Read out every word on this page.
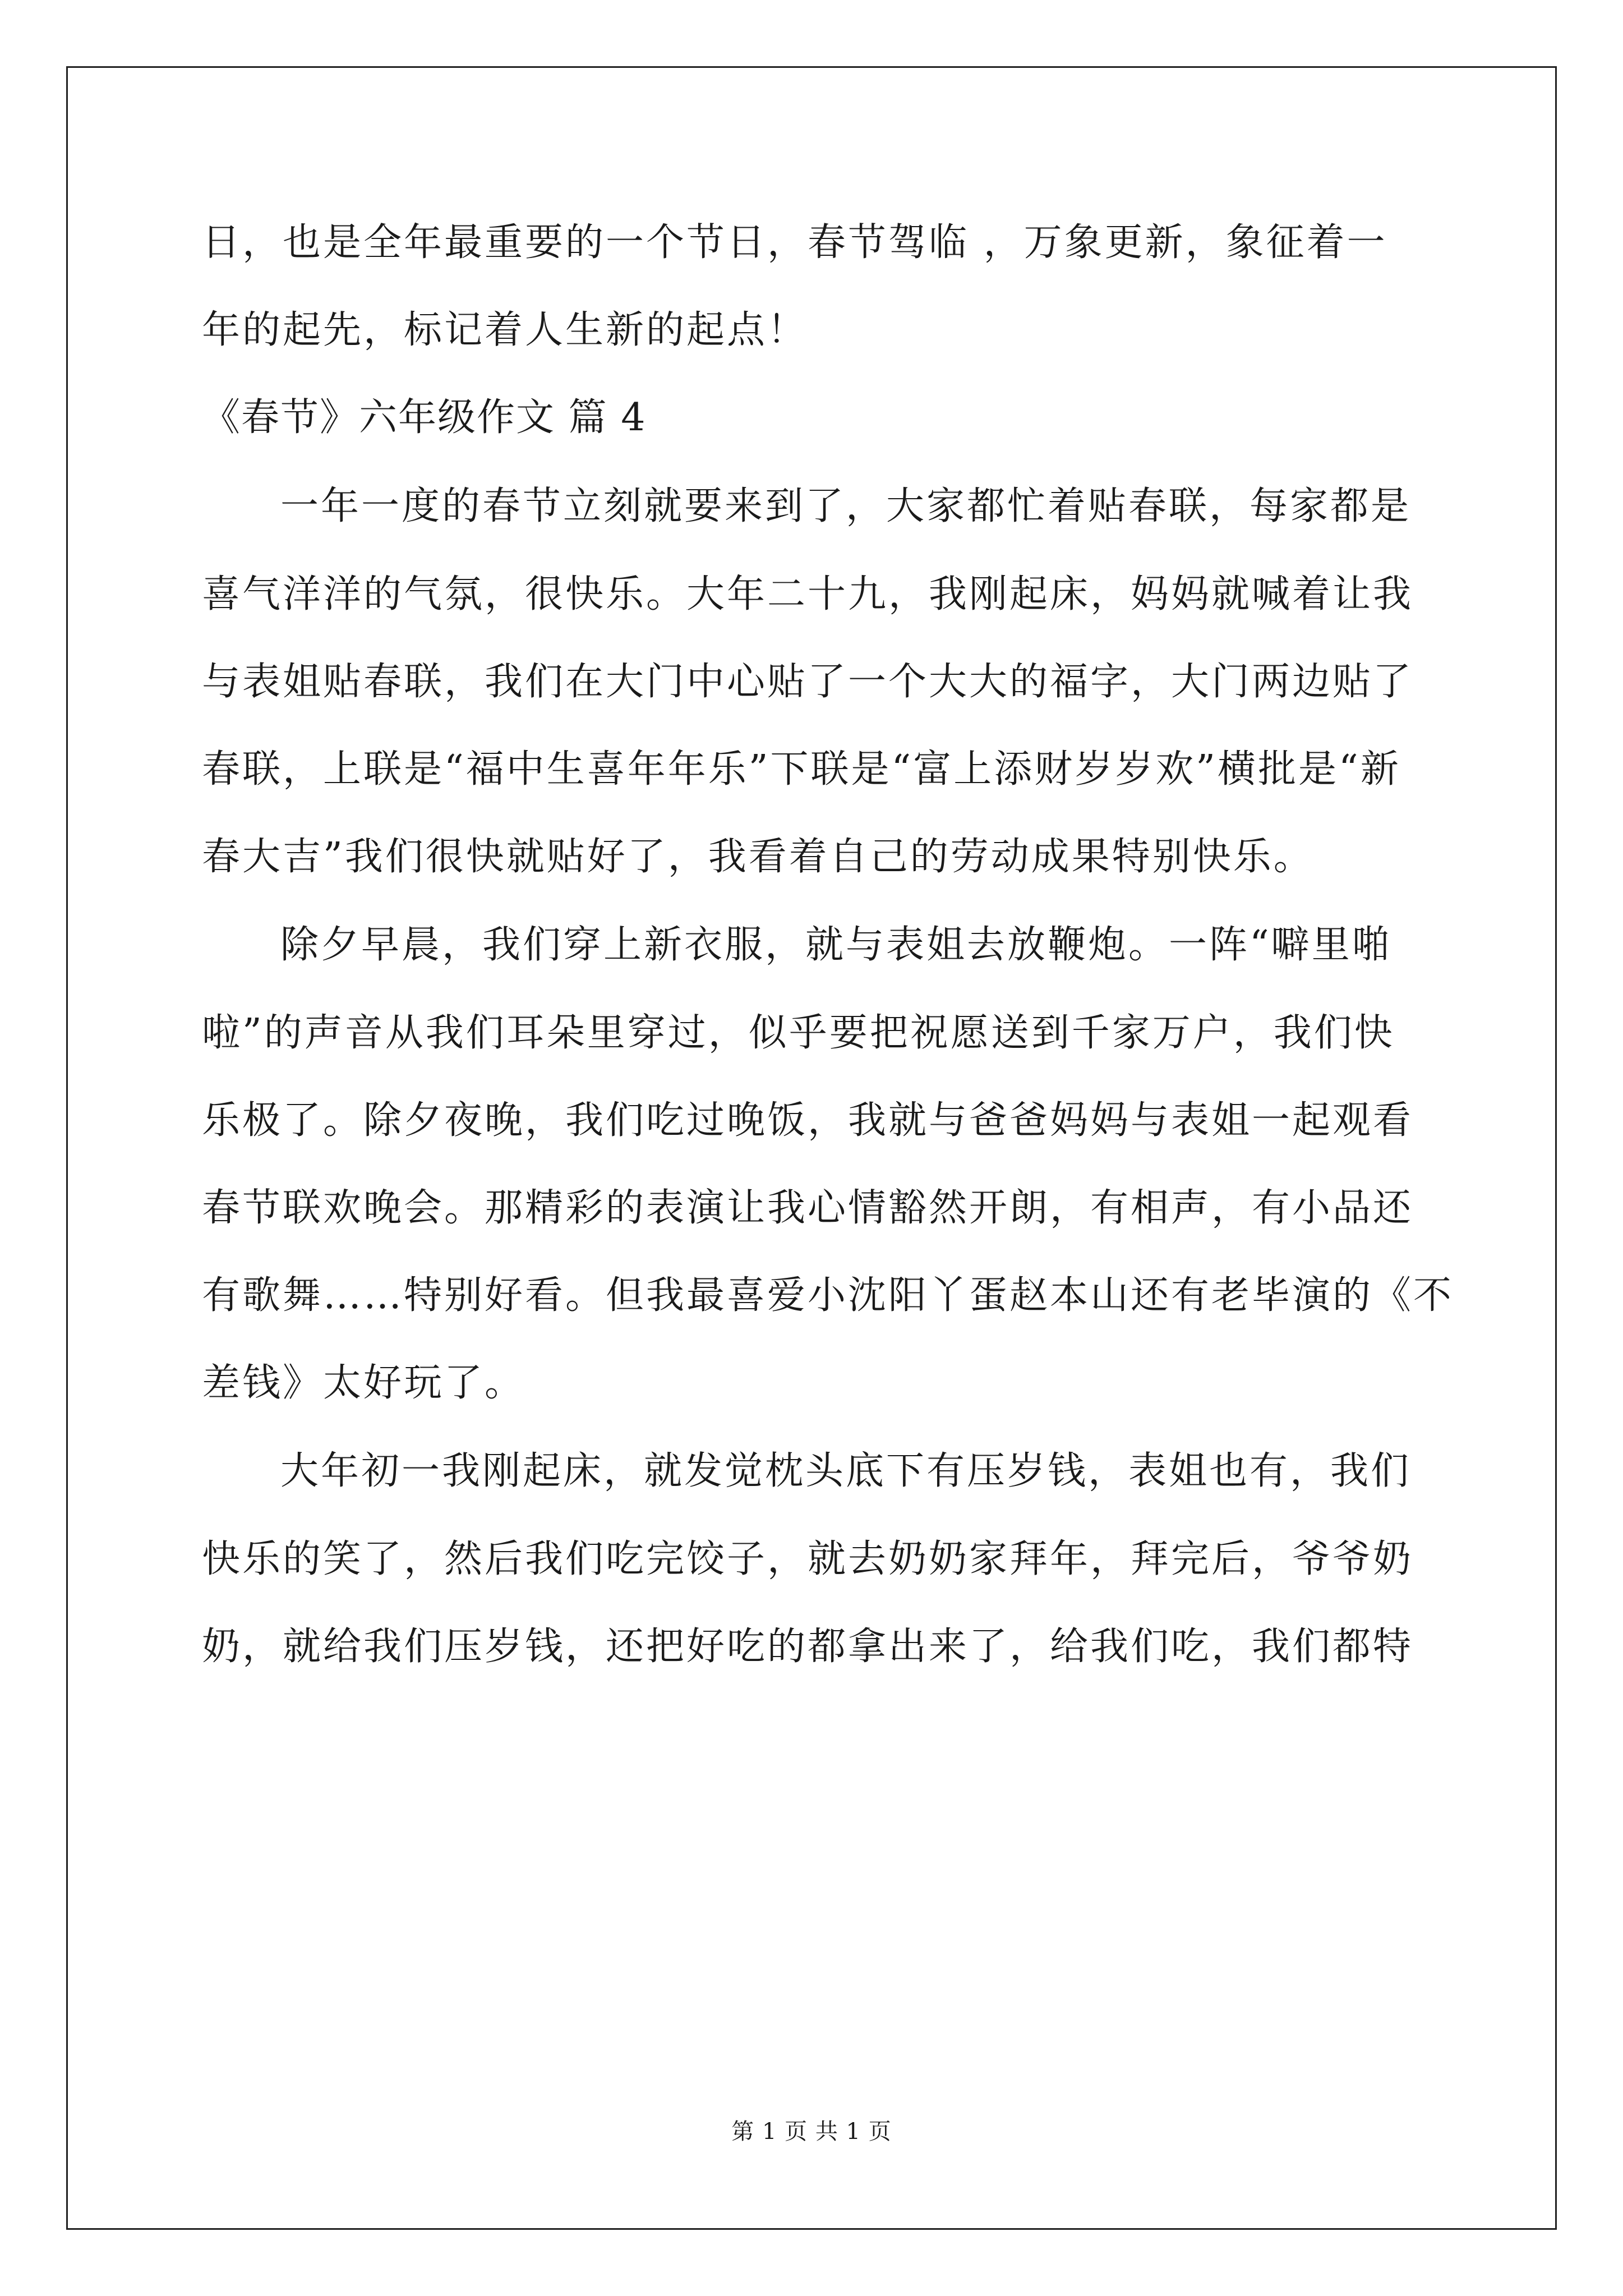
日，也是全年最重要的一个节日，春节驾临 ，万象更新，象征着一
年的起先，标记着人生新的起点！
《春节》六年级作文 篇 4
一年一度的春节立刻就要来到了，大家都忙着贴春联，每家都是
喜气洋洋的气氛，很快乐。大年二十九，我刚起床，妈妈就喊着让我
与表姐贴春联，我们在大门中心贴了一个大大的福字，大门两边贴了
春联，上联是“福中生喜年年乐”下联是“富上添财岁岁欢”横批是“新
春大吉”我们很快就贴好了，我看着自己的劳动成果特别快乐。
除夕早晨，我们穿上新衣服，就与表姐去放鞭炮。一阵“噼里啪
啦”的声音从我们耳朵里穿过，似乎要把祝愿送到千家万户，我们快
乐极了。除夕夜晚，我们吃过晚饭，我就与爸爸妈妈与表姐一起观看
春节联欢晚会。那精彩的表演让我心情豁然开朗，有相声，有小品还
有歌舞……特别好看。但我最喜爱小沈阳丫蛋赵本山还有老毕演的《不
差钱》太好玩了。
大年初一我刚起床，就发觉枕头底下有压岁钱，表姐也有，我们
快乐的笑了，然后我们吃完饺子，就去奶奶家拜年，拜完后，爷爷奶
奶，就给我们压岁钱，还把好吃的都拿出来了，给我们吃，我们都特
第 1 页 共 1 页
